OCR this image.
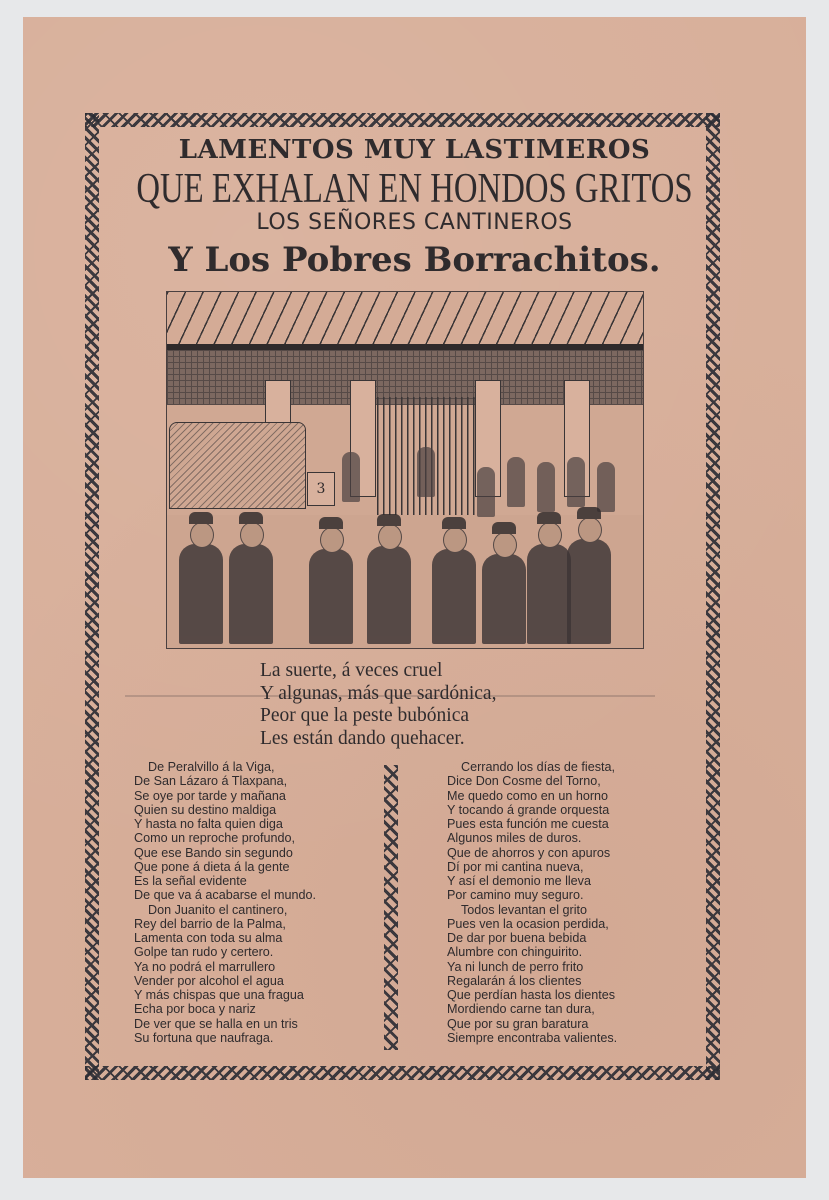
LAMENTOS MUY LASTIMEROS
QUE EXHALAN EN HONDOS GRITOS
LOS SEÑORES CANTINEROS
Y Los Pobres Borrachitos.
3
La suerte, á veces cruel
Y algunas, más que sardónica,
Peor que la peste bubónica
Les están dando quehacer.
De Peralvillo á la Viga,
De San Lázaro á Tlaxpana,
Se oye por tarde y mañana
Quien su destino maldiga
Y hasta no falta quien diga
Como un reproche profundo,
Que ese Bando sin segundo
Que pone á dieta á la gente
Es la señal evidente
De que va á acabarse el mundo.
Don Juanito el cantinero,
Rey del barrio de la Palma,
Lamenta con toda su alma
Golpe tan rudo y certero.
Ya no podrá el marrullero
Vender por alcohol el agua
Y más chispas que una fragua
Echa por boca y nariz
De ver que se halla en un tris
Su fortuna que naufraga.
Cerrando los días de fiesta,
Dice Don Cosme del Torno,
Me quedo como en un horno
Y tocando á grande orquesta
Pues esta función me cuesta
Algunos miles de duros.
Que de ahorros y con apuros
Dí por mi cantina nueva,
Y así el demonio me lleva
Por camino muy seguro.
Todos levantan el grito
Pues ven la ocasion perdida,
De dar por buena bebida
Alumbre con chinguirito.
Ya ni lunch de perro frito
Regalarán á los clientes
Que perdían hasta los dientes
Mordiendo carne tan dura,
Que por su gran baratura
Siempre encontraba valientes.
